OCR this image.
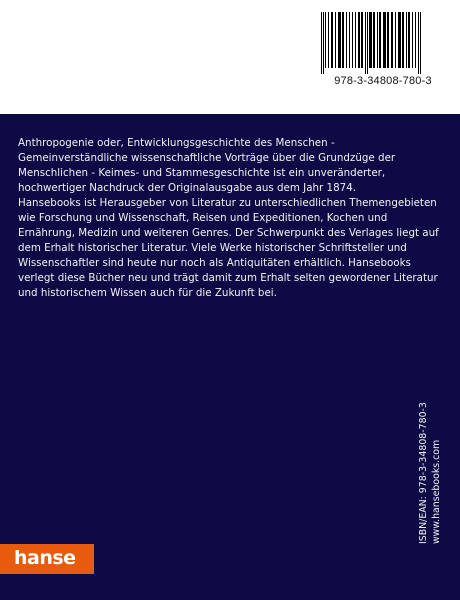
978-3-34808-780-3

Anthropogenie oder, Entwicklungsgeschichte des Menschen - Gemeinverständliche wissenschaftliche Vorträge über die Grundzüge der Menschlichen - Keimes- und Stammesgeschichte ist ein unveränderter, hochwertiger Nachdruck der Originalausgabe aus dem Jahr 1874.

Hansebooks ist Herausgeber von Literatur zu unterschiedlichen Themengebieten wie Forschung und Wissenschaft, Reisen und Expeditionen, Kochen und Ernährung, Medizin und weiteren Genres. Der Schwerpunkt des Verlages liegt auf dem Erhalt historischer Literatur. Viele Werke historischer Schriftsteller und Wissenschaftler sind heute nur noch als Antiquitäten erhältlich. Hansebooks verlegt diese Bücher neu und trägt damit zum Erhalt selten gewordener Literatur und historischem Wissen auch für die Zukunft bei.

ISBN/EAN: 978-3-34808-780-3 www.hansebooks.com
hanse
